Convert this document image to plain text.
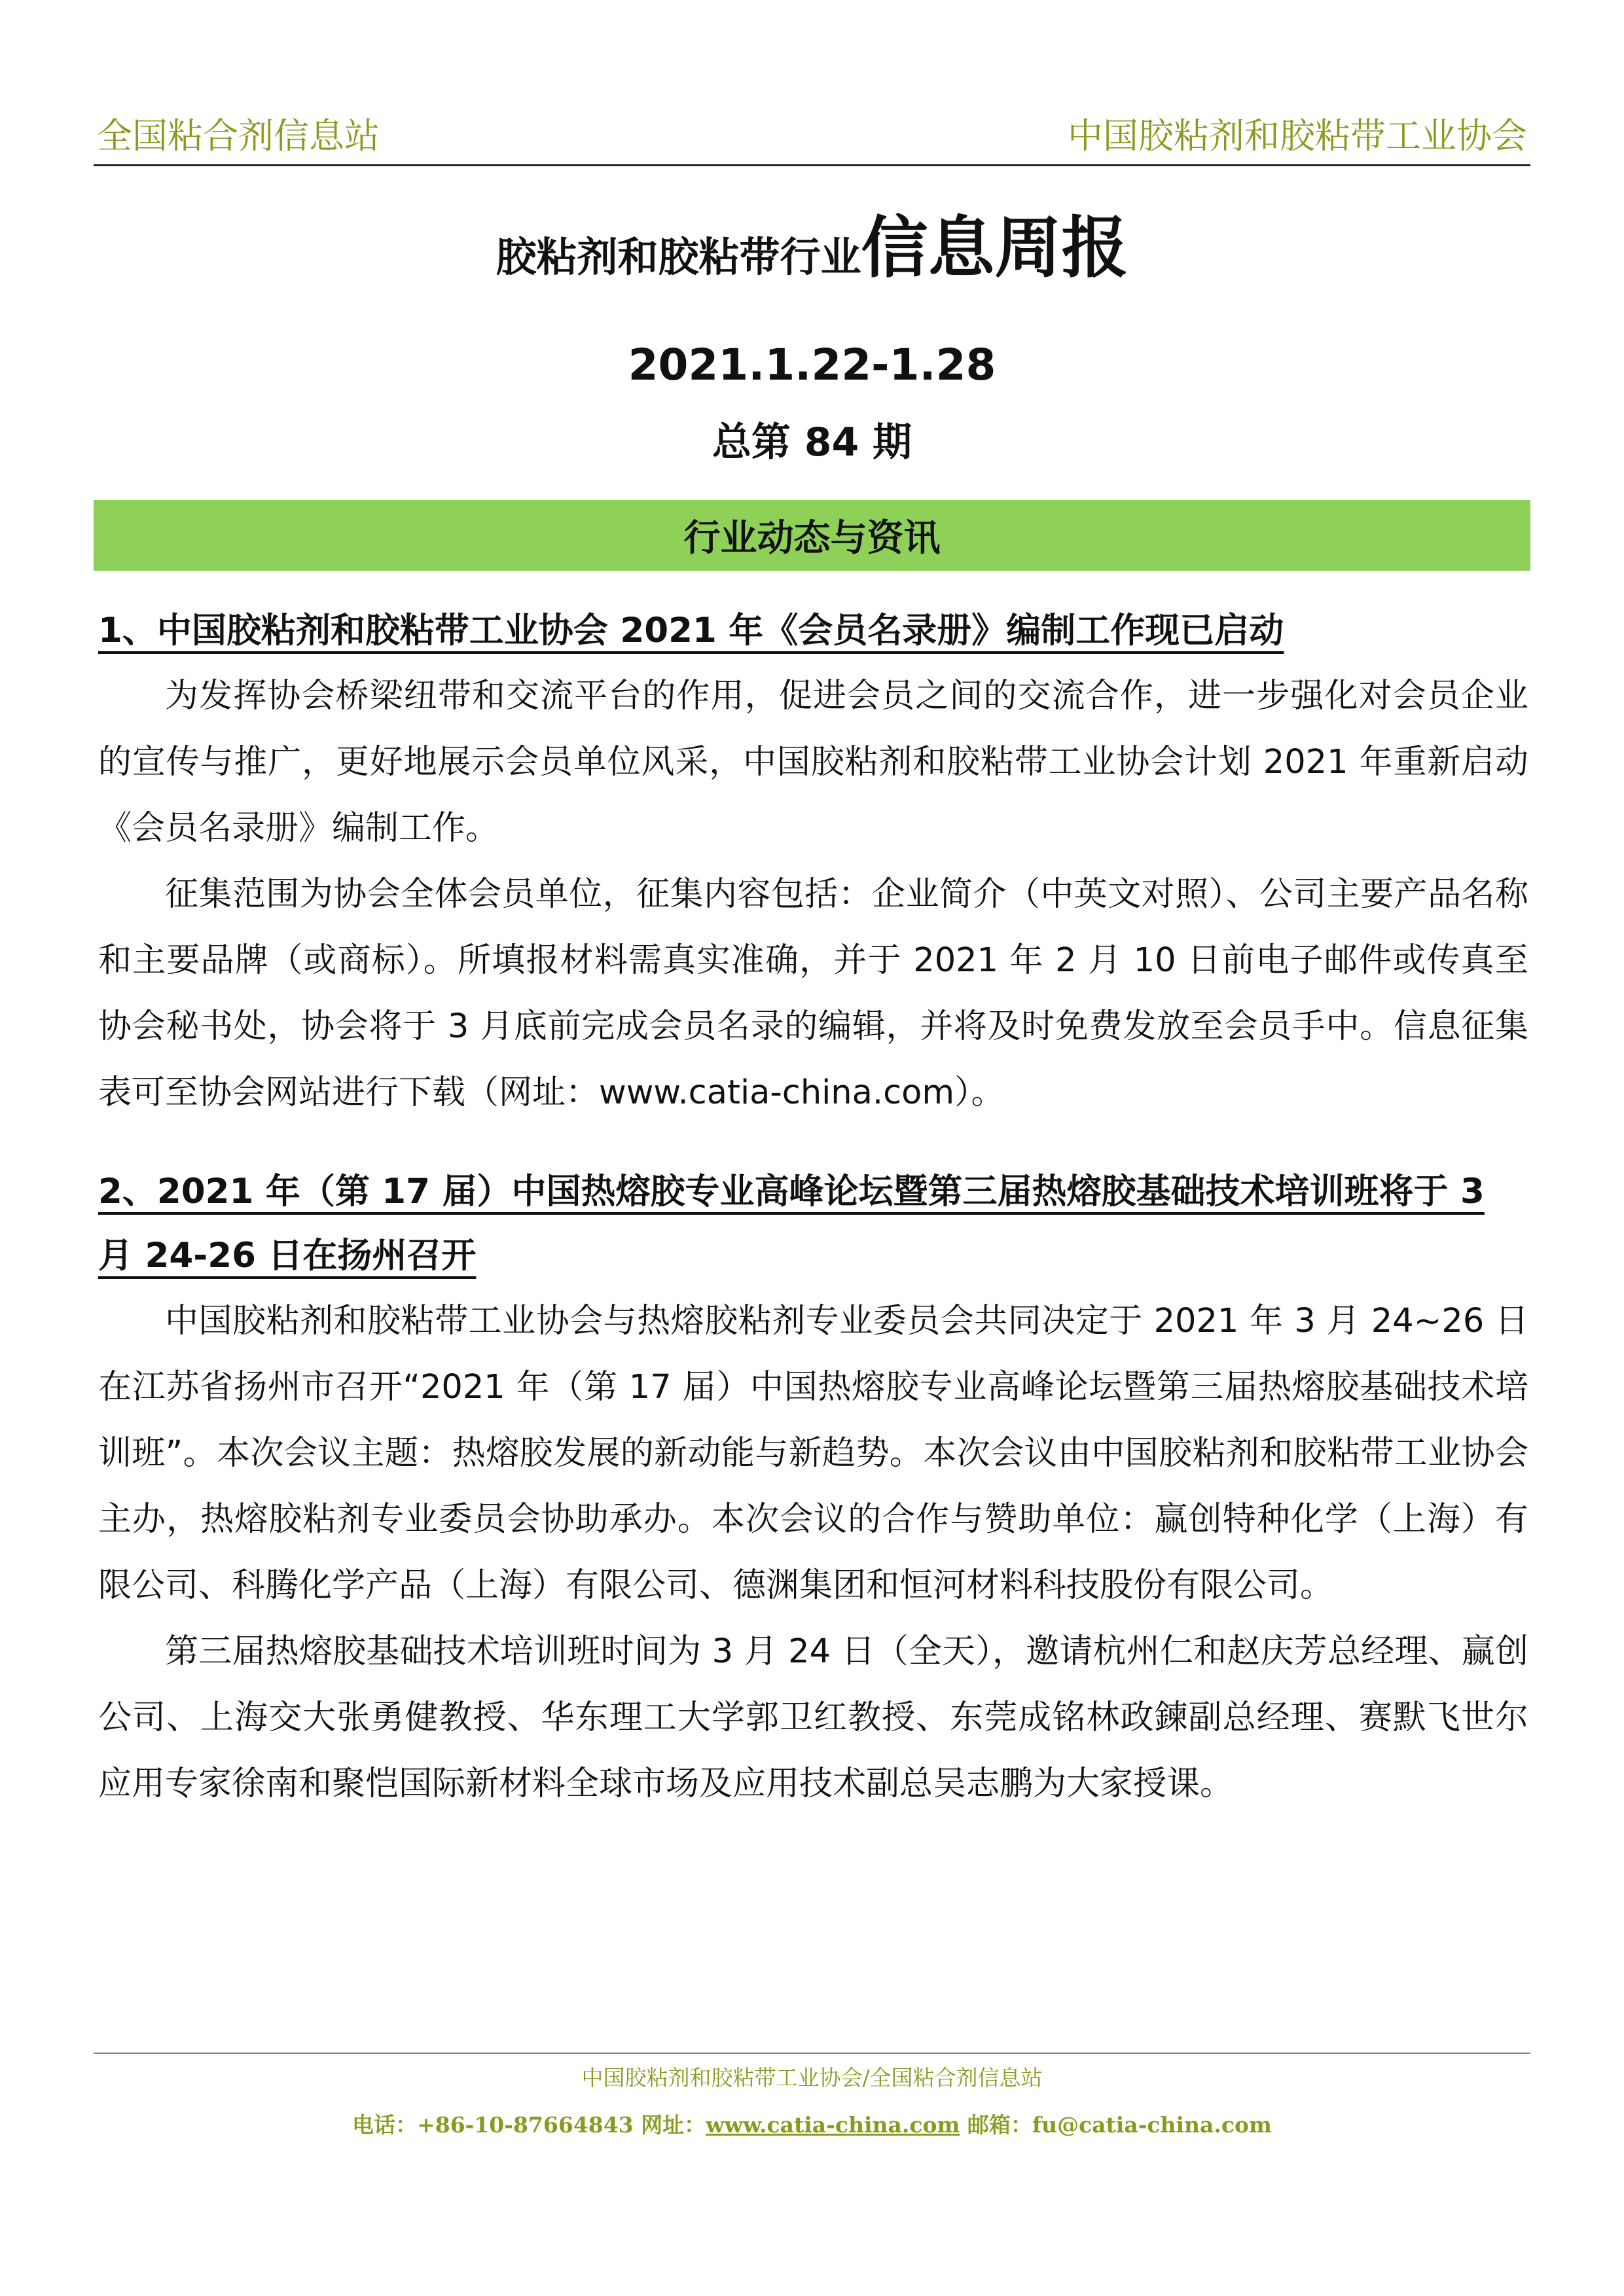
全国粘合剂信息站	中国胶粘剂和胶粘带工业协会
胶粘剂和胶粘带行业信息周报
2021.1.22-1.28
总第 84 期
行业动态与资讯

1、中国胶粘剂和胶粘带工业协会 2021 年《会员名录册》编制工作现已启动

为发挥协会桥梁纽带和交流平台的作用，促进会员之间的交流合作，进一步强化对会员企业的宣传与推广，更好地展示会员单位风采，中国胶粘剂和胶粘带工业协会计划 2021 年重新启动《会员名录册》编制工作。

征集范围为协会全体会员单位，征集内容包括：企业简介（中英文对照）、公司主要产品名称和主要品牌（或商标）。所填报材料需真实准确，并于 2021 年 2 月 10 日前电子邮件或传真至协会秘书处，协会将于 3 月底前完成会员名录的编辑，并将及时免费发放至会员手中。信息征集表可至协会网站进行下载（网址：www.catia-china.com）。

2、2021 年（第 17 届）中国热熔胶专业高峰论坛暨第三届热熔胶基础技术培训班将于 3 月 24-26 日在扬州召开

中国胶粘剂和胶粘带工业协会与热熔胶粘剂专业委员会共同决定于 2021 年 3 月 24~26 日在江苏省扬州市召开“2021 年（第 17 届）中国热熔胶专业高峰论坛暨第三届热熔胶基础技术培训班”。本次会议主题：热熔胶发展的新动能与新趋势。本次会议由中国胶粘剂和胶粘带工业协会主办，热熔胶粘剂专业委员会协助承办。本次会议的合作与赞助单位：赢创特种化学（上海）有限公司、科腾化学产品（上海）有限公司、德渊集团和恒河材料科技股份有限公司。

第三届热熔胶基础技术培训班时间为 3 月 24 日（全天），邀请杭州仁和赵庆芳总经理、赢创公司、上海交大张勇健教授、华东理工大学郭卫红教授、东莞成铭林政鍊副总经理、赛默飞世尔应用专家徐南和聚恺国际新材料全球市场及应用技术副总吴志鹏为大家授课。

中国胶粘剂和胶粘带工业协会/全国粘合剂信息站
电话：+86-10-87664843 网址：www.catia-china.com 邮箱：fu@catia-china.com
